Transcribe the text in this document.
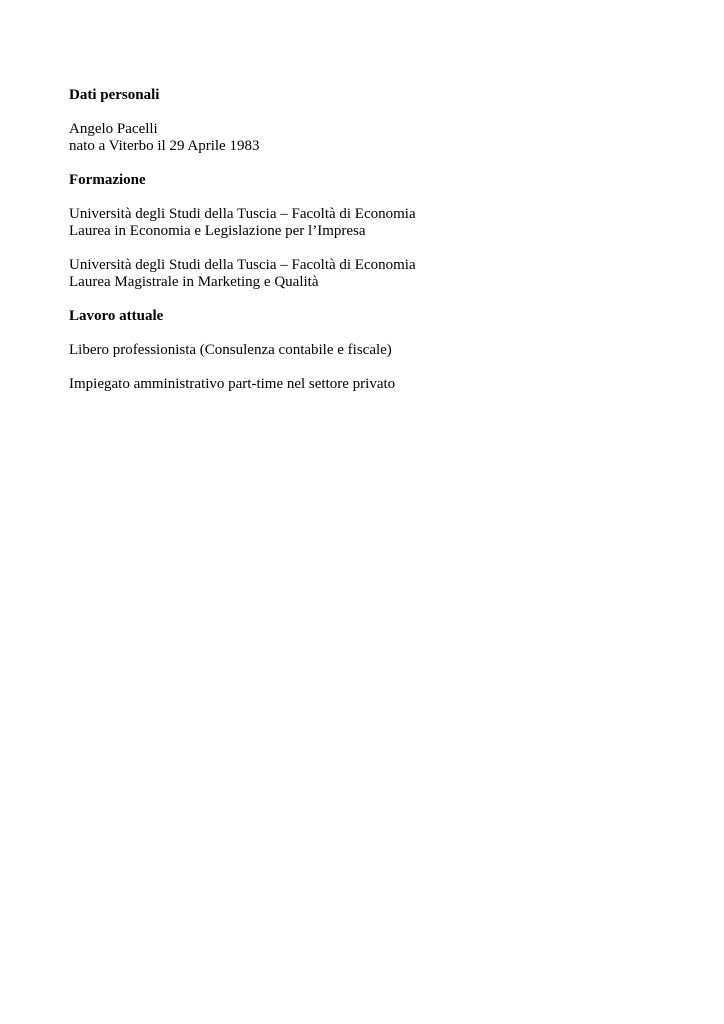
Dati personali
Angelo Pacelli
nato a Viterbo il 29 Aprile 1983
Formazione
Università degli Studi della Tuscia – Facoltà di Economia
Laurea in Economia e Legislazione per l’Impresa
Università degli Studi della Tuscia – Facoltà di Economia
Laurea Magistrale in Marketing e Qualità
Lavoro attuale
Libero professionista (Consulenza contabile e fiscale)
Impiegato amministrativo part-time nel settore privato
